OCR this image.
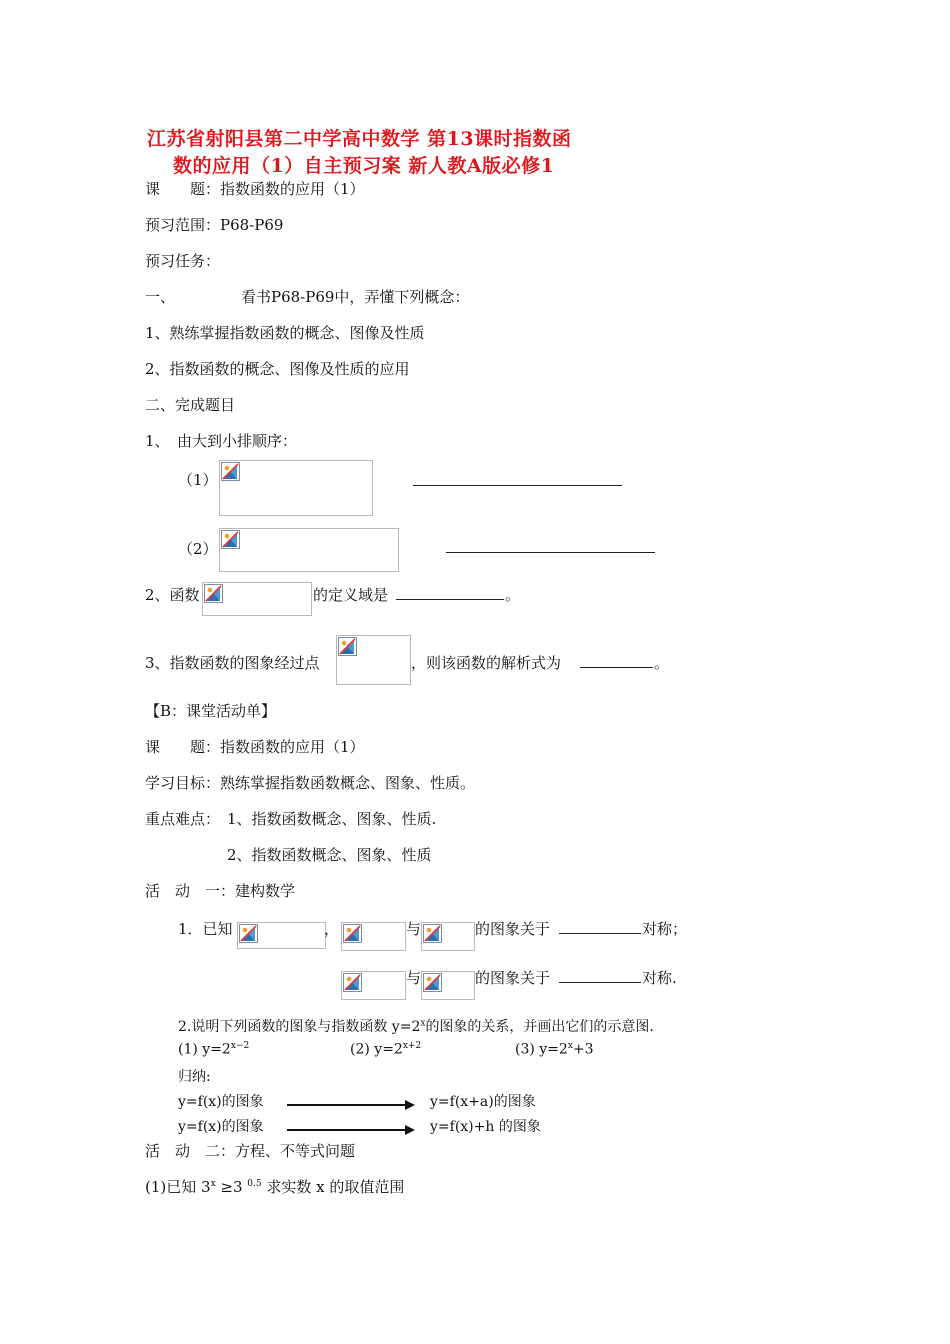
江苏省射阳县第二中学高中数学 第13课时指数函
数的应用（1）自主预习案 新人教A版必修1
课　　题：指数函数的应用（1）
预习范围：P68-P69
预习任务：
一、	看书P68-P69中，弄懂下列概念：
1、熟练掌握指数函数的概念、图像及性质
2、指数函数的概念、图像及性质的应用
二、完成题目
1、　由大到小排顺序：
（1）
（2）
2、函数	的定义域是	。
3、指数函数的图象经过点	，则该函数的解析式为	。
【B：课堂活动单】
课　　题：指数函数的应用（1）
学习目标：熟练掌握指数函数概念、图象、性质。
重点难点： 1、指数函数概念、图象、性质.
2、指数函数概念、图象、性质
活　动　一：建构数学
1．已知	，	与	的图象关于	对称；
与	的图象关于	对称.
2.说明下列函数的图象与指数函数 $y=2^x$的图象的关系，并画出它们的示意图.
(1) $y=2^{x-2}$	(2) $y=2^{x+2}$	(3) $y=2^x+3$
归纳:
y=f(x)的图象	y=f(x+a)的图象
y=f(x)的图象	y=f(x)+h 的图象
活　动　二：方程、不等式问题
(1)已知 $3^x \ge 3$ $^{0.5}$ 求实数 x 的取值范围
